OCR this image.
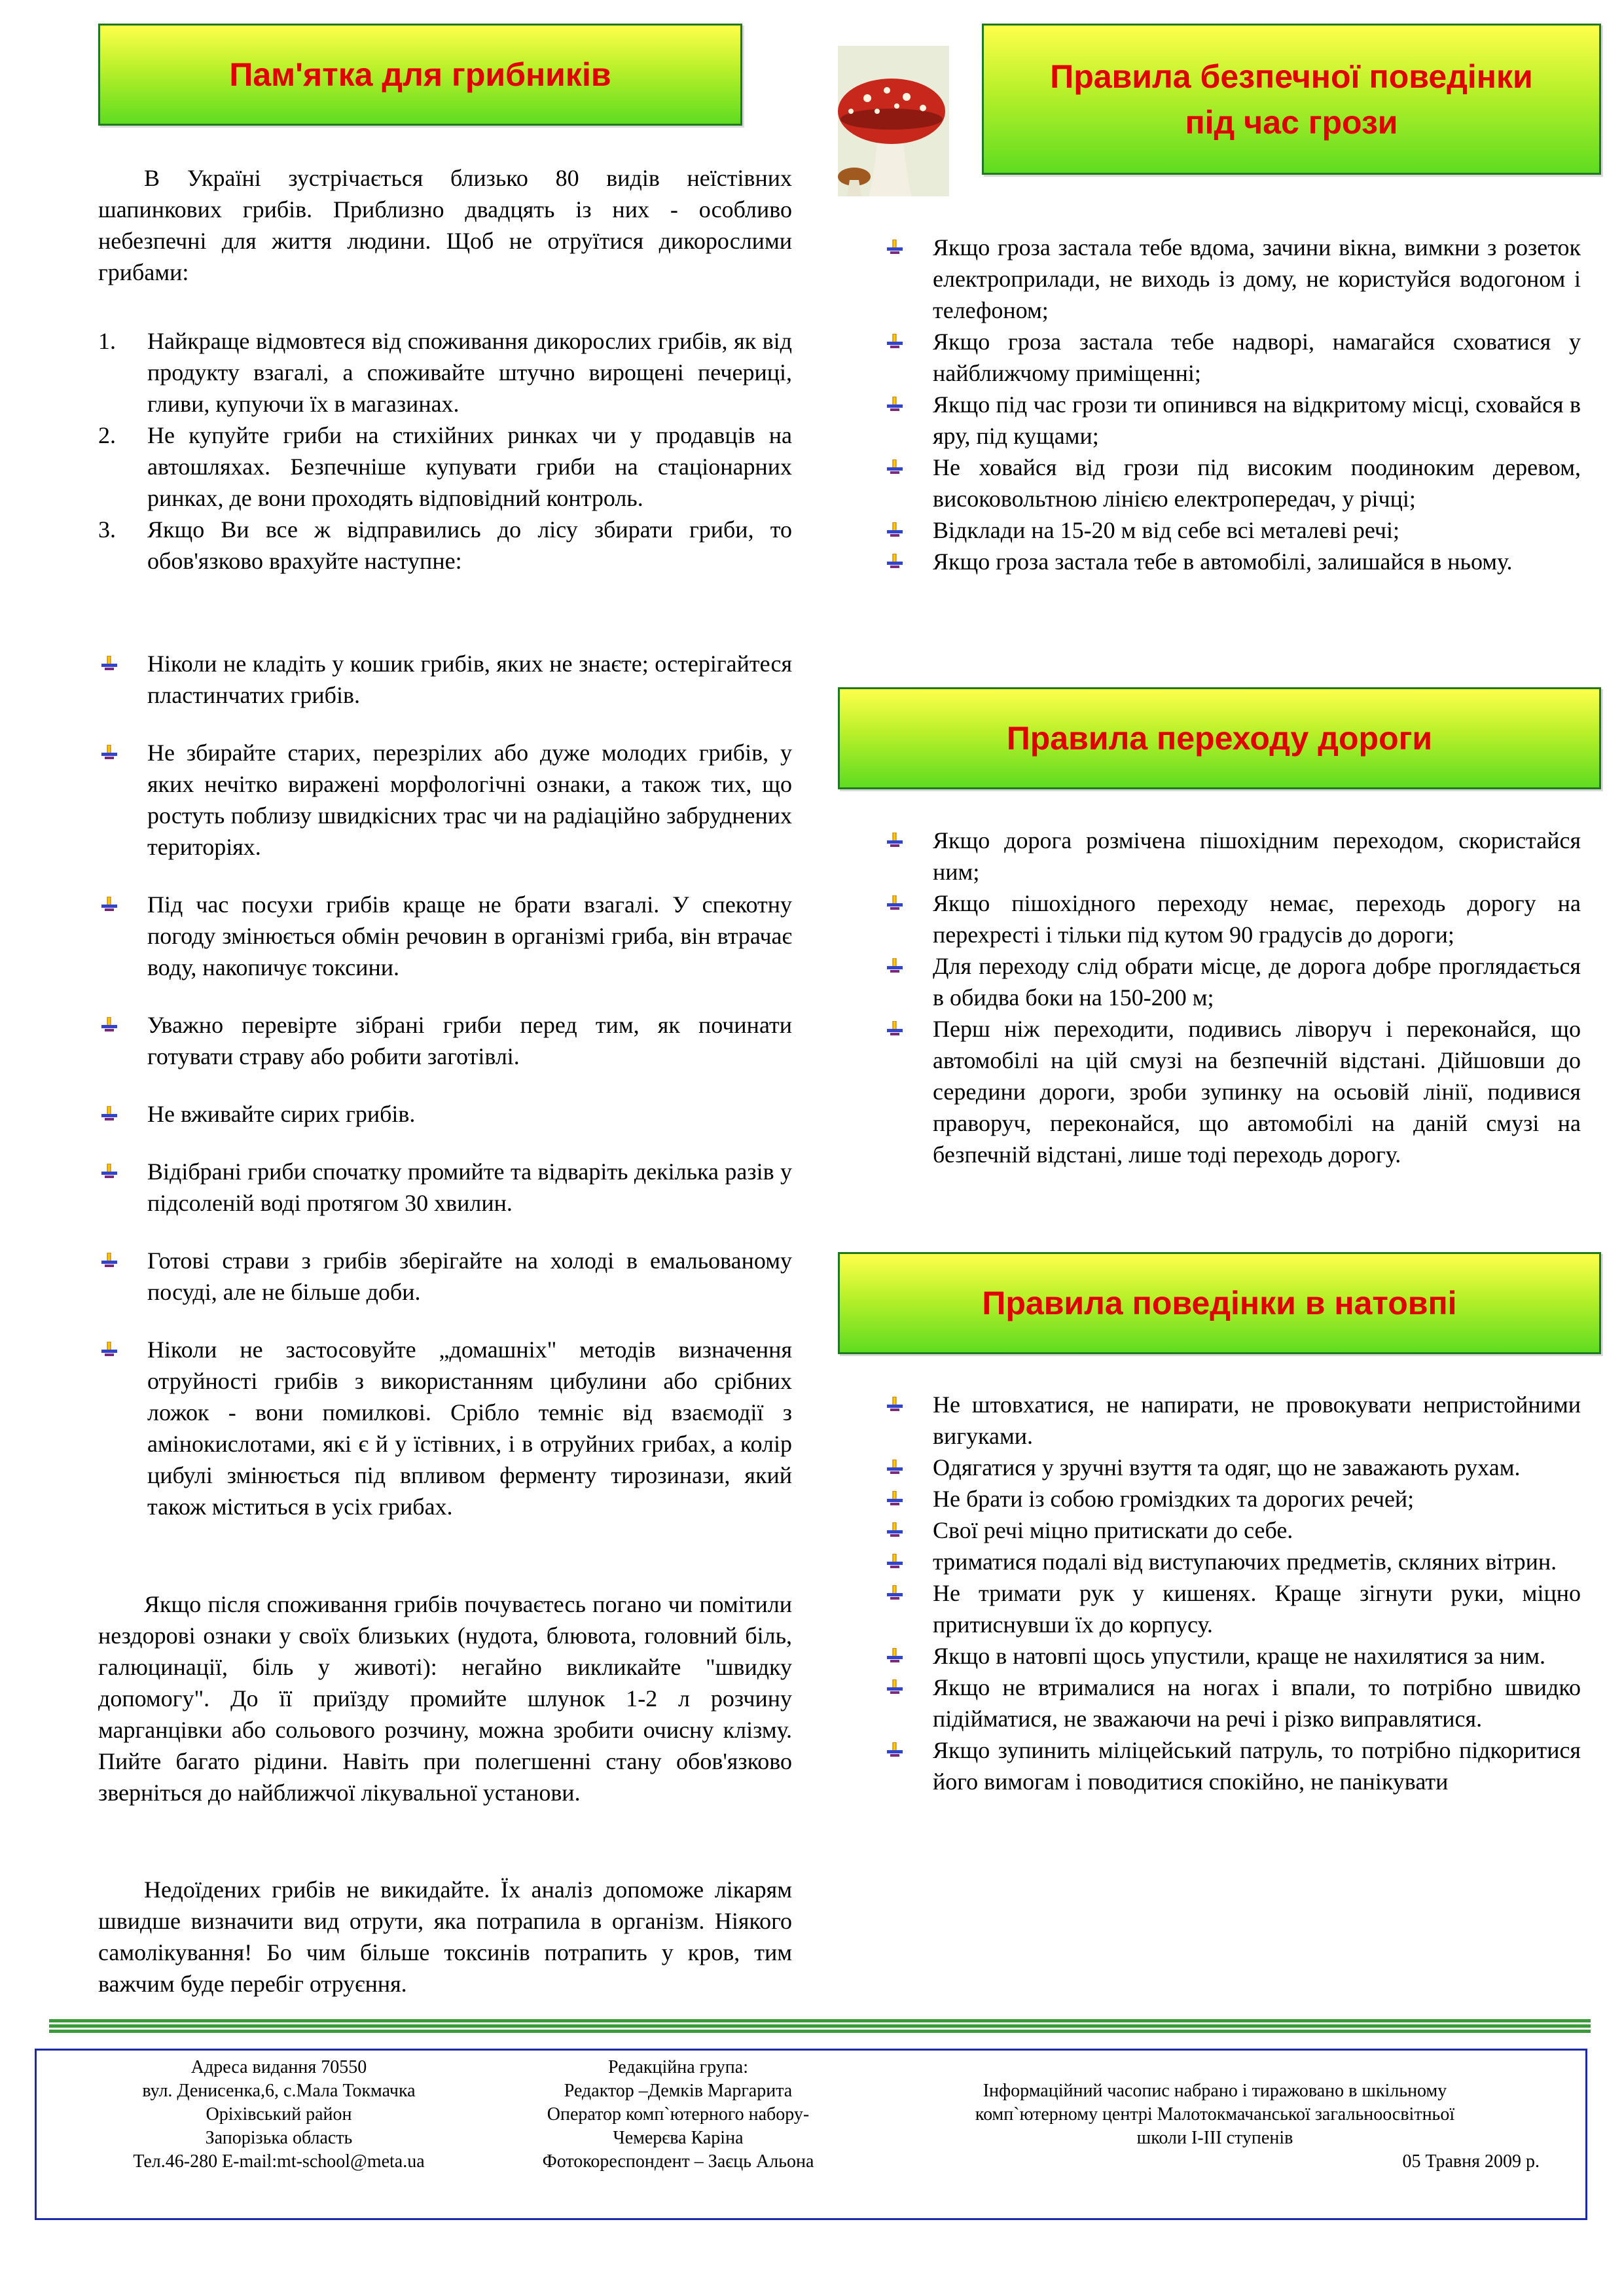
Пам'ятка для грибників

В Україні зустрічається близько 80 видів неїстівних шапинкових грибів. Приблизно двадцять із них - особливо небезпечні для життя людини. Щоб не отруїтися дикорослими грибами:

1. Найкраще відмовтеся від споживання дикорослих грибів, як від продукту взагалі, а споживайте штучно вирощені печериці, гливи, купуючи їх в магазинах.
2. Не купуйте гриби на стихійних ринках чи у продавців на автошляхах. Безпечніше купувати гриби на стаціонарних ринках, де вони проходять відповідний контроль.
3. Якщо Ви все ж відправились до лісу збирати гриби, то обов'язково врахуйте наступне:
Ніколи не кладіть у кошик грибів, яких не знаєте; остерігайтеся пластинчатих грибів.
Не збирайте старих, перезрілих або дуже молодих грибів, у яких нечітко виражені морфологічні ознаки, а також тих, що ростуть поблизу швидкісних трас чи на радіаційно забруднених територіях.
Під час посухи грибів краще не брати взагалі. У спекотну погоду змінюється обмін речовин в організмі гриба, він втрачає воду, накопичує токсини.
Уважно перевірте зібрані гриби перед тим, як починати готувати страву або робити заготівлі.
Не вживайте сирих грибів.
Відібрані гриби спочатку промийте та відваріть декілька разів у підсоленій воді протягом 30 хвилин.
Готові страви з грибів зберігайте на холоді в емальованому посуді, але не більше доби.
Ніколи не застосовуйте „домашніх" методів визначення отруйності грибів з використанням цибулини або срібних ложок - вони помилкові. Срібло темніє від взаємодії з амінокислотами, які є й у їстівних, і в отруйних грибах, а колір цибулі змінюється під впливом ферменту тирозинази, який також міститься в усіх грибах.

Якщо після споживання грибів почуваєтесь погано чи помітили нездорові ознаки у своїх близьких (нудота, блювота, головний біль, галюцинації, біль у животі): негайно викликайте "швидку допомогу". До її приїзду промийте шлунок 1-2 л розчину марганцівки або сольового розчину, можна зробити очисну клізму. Пийте багато рідини. Навіть при полегшенні стану обов'язково зверніться до найближчої лікувальної установи.

Недоїдених грибів не викидайте. Їх аналіз допоможе лікарям швидше визначити вид отрути, яка потрапила в організм. Ніякого самолікування! Бо чим більше токсинів потрапить у кров, тим важчим буде перебіг отруєння.

Правила безпечної поведінки
під час грози
Якщо гроза застала тебе вдома, зачини вікна, вимкни з розеток електроприлади, не виходь із дому, не користуйся водогоном і телефоном;
Якщо гроза застала тебе надворі, намагайся сховатися у найближчому приміщенні;
Якщо під час грози ти опинився на відкритому місці, сховайся в яру, під кущами;
Не ховайся від грози під високим поодиноким деревом, високовольтною лінією електропередач, у річці;
Відклади на 15-20 м від себе всі металеві речі;
Якщо гроза застала тебе в автомобілі, залишайся в ньому.
Правила переходу дороги
Якщо дорога розмічена пішохідним переходом, скористайся ним;
Якщо пішохідного переходу немає, переходь дорогу на перехресті і тільки під кутом 90 градусів до дороги;
Для переходу слід обрати місце, де дорога добре проглядається в обидва боки на 150-200 м;
Перш ніж переходити, подивись ліворуч і переконайся, що автомобілі на цій смузі на безпечній відстані. Дійшовши до середини дороги, зроби зупинку на осьовій лінії, подивися праворуч, переконайся, що автомобілі на даній смузі на безпечній відстані, лише тоді переходь дорогу.
Правила поведінки в натовпі
Не штовхатися, не напирати, не провокувати непристойними вигуками.
Одягатися у зручні взуття та одяг, що не заважають рухам.
Не брати із собою громіздких та дорогих речей;
Свої речі міцно притискати до себе.
триматися подалі від виступаючих предметів, скляних вітрин.
Не тримати рук у кишенях. Краще зігнути руки, міцно притиснувши їх до корпусу.
Якщо в натовпі щось упустили, краще не нахилятися за ним.
Якщо не втрималися на ногах і впали, то потрібно швидко підійматися, не зважаючи на речі і різко виправлятися.
Якщо зупинить міліцейський патруль, то потрібно підкоритися його вимогам і поводитися спокійно, не панікувати
Адреса видання 70550
вул. Денисенка,6, с.Мала Токмачка
Оріхівський район
Запорізька область
Тел.46-280 E-mail:mt-school@meta.ua
Редакційна група:
Редактор –Демків Маргарита
Оператор комп`ютерного набору-
Чемерєва Каріна
Фотокореспондент – Заєць Альона
Інформаційний часопис набрано і тиражовано в шкільному
комп`ютерному центрі Малотокмачанської загальноосвітньої
школи І-ІІІ ступенів
05 Травня 2009 р.
